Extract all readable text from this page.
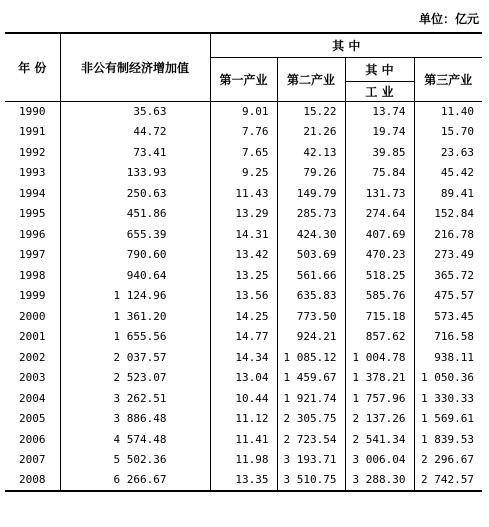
单位：亿元
年 份	非公有制经济增加值	其 中			
		第一产业	第二产业	其 中	第三产业
				工 业	
1990	35.63	9.01	15.22	13.74	11.40
1991	44.72	7.76	21.26	19.74	15.70
1992	73.41	7.65	42.13	39.85	23.63
1993	133.93	9.25	79.26	75.84	45.42
1994	250.63	11.43	149.79	131.73	89.41
1995	451.86	13.29	285.73	274.64	152.84
1996	655.39	14.31	424.30	407.69	216.78
1997	790.60	13.42	503.69	470.23	273.49
1998	940.64	13.25	561.66	518.25	365.72
1999	1 124.96	13.56	635.83	585.76	475.57
2000	1 361.20	14.25	773.50	715.18	573.45
2001	1 655.56	14.77	924.21	857.62	716.58
2002	2 037.57	14.34	1 085.12	1 004.78	938.11
2003	2 523.07	13.04	1 459.67	1 378.21	1 050.36
2004	3 262.51	10.44	1 921.74	1 757.96	1 330.33
2005	3 886.48	11.12	2 305.75	2 137.26	1 569.61
2006	4 574.48	11.41	2 723.54	2 541.34	1 839.53
2007	5 502.36	11.98	3 193.71	3 006.04	2 296.67
2008	6 266.67	13.35	3 510.75	3 288.30	2 742.57
